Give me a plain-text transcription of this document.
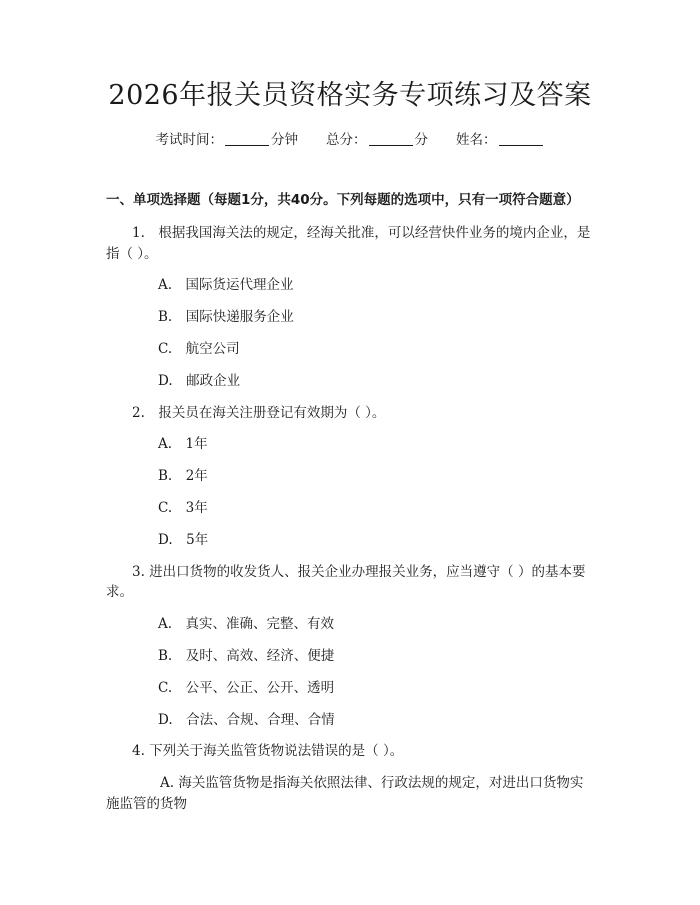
2026年报关员资格实务专项练习及答案
考试时间：	分钟 总分：	分 姓名：
一、单项选择题（每题1分，共40分。下列每题的选项中，只有一项符合题意）
1.　根据我国海关法的规定，经海关批准，可以经营快件业务的境内企业，是
指（ ）。
A.　国际货运代理企业
B.　国际快递服务企业
C.　航空公司
D.　邮政企业
2.　报关员在海关注册登记有效期为（ ）。
A.　1年
B.　2年
C.　3年
D.　5年
3. 进出口货物的收发货人、报关企业办理报关业务，应当遵守（ ）的基本要
求。
A.　真实、准确、完整、有效
B.　及时、高效、经济、便捷
C.　公平、公正、公开、透明
D.　合法、合规、合理、合情
4. 下列关于海关监管货物说法错误的是（ ）。
A. 海关监管货物是指海关依照法律、行政法规的规定，对进出口货物实
施监管的货物
